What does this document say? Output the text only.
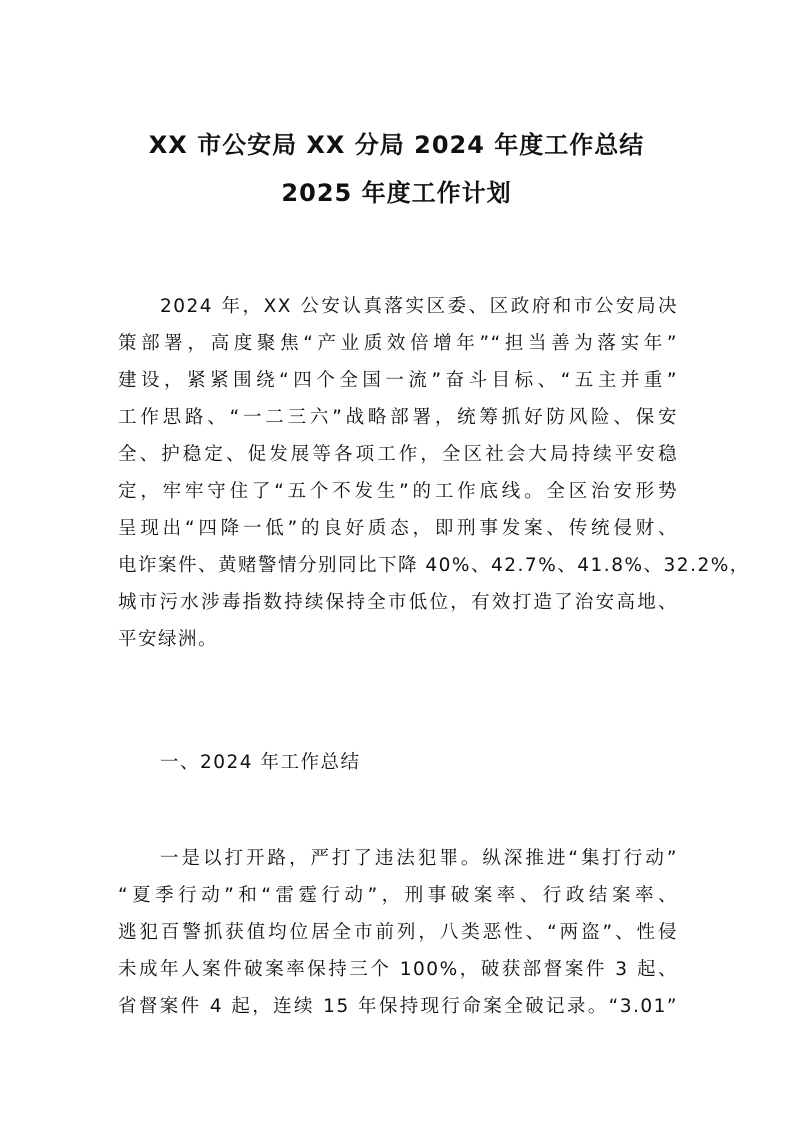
XX 市公安局 XX 分局 2024 年度工作总结
2025 年度工作计划
2024 年，XX 公安认真落实区委、区政府和市公安局决
策部署，高度聚焦“产业质效倍增年”“担当善为落实年”
建设，紧紧围绕“四个全国一流”奋斗目标、“五主并重”
工作思路、“一二三六”战略部署，统筹抓好防风险、保安
全、护稳定、促发展等各项工作，全区社会大局持续平安稳
定，牢牢守住了“五个不发生”的工作底线。全区治安形势
呈现出“四降一低”的良好质态，即刑事发案、传统侵财、
电诈案件、黄赌警情分别同比下降 40%、42.7%、41.8%、32.2%，
城市污水涉毒指数持续保持全市低位，有效打造了治安高地、
平安绿洲。
一、2024 年工作总结
一是以打开路，严打了违法犯罪。纵深推进“集打行动”
“夏季行动”和“雷霆行动”，刑事破案率、行政结案率、
逃犯百警抓获值均位居全市前列，八类恶性、“两盗”、性侵
未成年人案件破案率保持三个 100%，破获部督案件 3 起、
省督案件 4 起，连续 15 年保持现行命案全破记录。“3.01”
